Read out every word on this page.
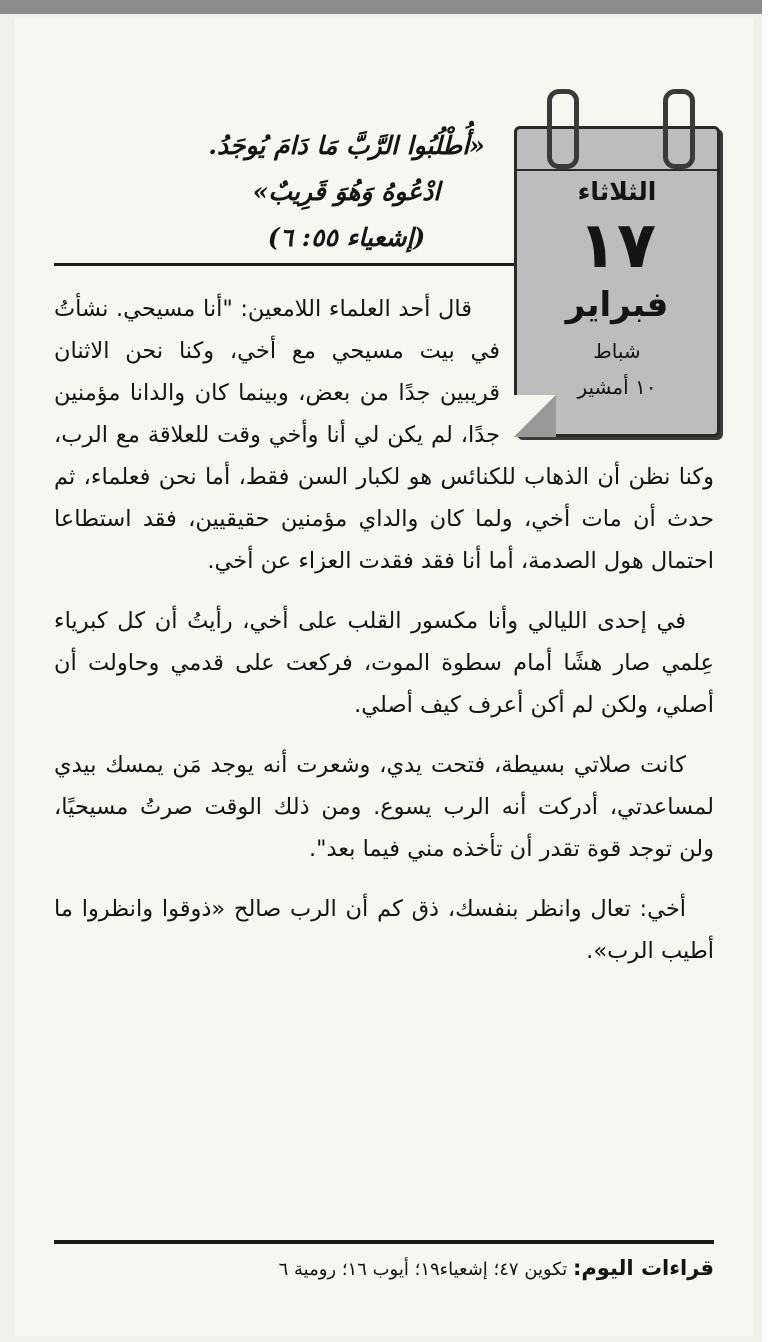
«أُطْلُبُوا الرَّبَّ مَا دَامَ يُوجَدُ.
ادْعُوهُ وَهُوَ قَرِيبٌ»
(إشعياء ٥٥: ٦)
الثلاثاء
١٧
فبراير
شباط
١٠ أمشير

قال أحد العلماء اللامعين: "أنا مسيحي. نشأتُ في بيت مسيحي مع أخي، وكنا نحن الاثنان قريبين جدًا من بعض، وبينما كان والدانا مؤمنين جدًا، لم يكن لي أنا وأخي وقت للعلاقة مع الرب، وكنا نظن أن الذهاب للكنائس هو لكبار السن فقط، أما نحن فعلماء، ثم حدث أن مات أخي، ولما كان والداي مؤمنين حقيقيين، فقد استطاعا احتمال هول الصدمة، أما أنا فقد فقدت العزاء عن أخي.

في إحدى الليالي وأنا مكسور القلب على أخي، رأيتُ أن كل كبرياء عِلمي صار هشًا أمام سطوة الموت، فركعت على قدمي وحاولت أن أصلي، ولكن لم أكن أعرف كيف أصلي.

كانت صلاتي بسيطة، فتحت يدي، وشعرت أنه يوجد مَن يمسك بيدي لمساعدتي، أدركت أنه الرب يسوع. ومن ذلك الوقت صرتُ مسيحيًا، ولن توجد قوة تقدر أن تأخذه مني فيما بعد".

أخي: تعال وانظر بنفسك، ذق كم أن الرب صالح «ذوقوا وانظروا ما أطيب الرب».

قراءات اليوم: تكوين ٤٧؛ إشعياء١٩؛ أيوب ١٦؛ رومية ٦
